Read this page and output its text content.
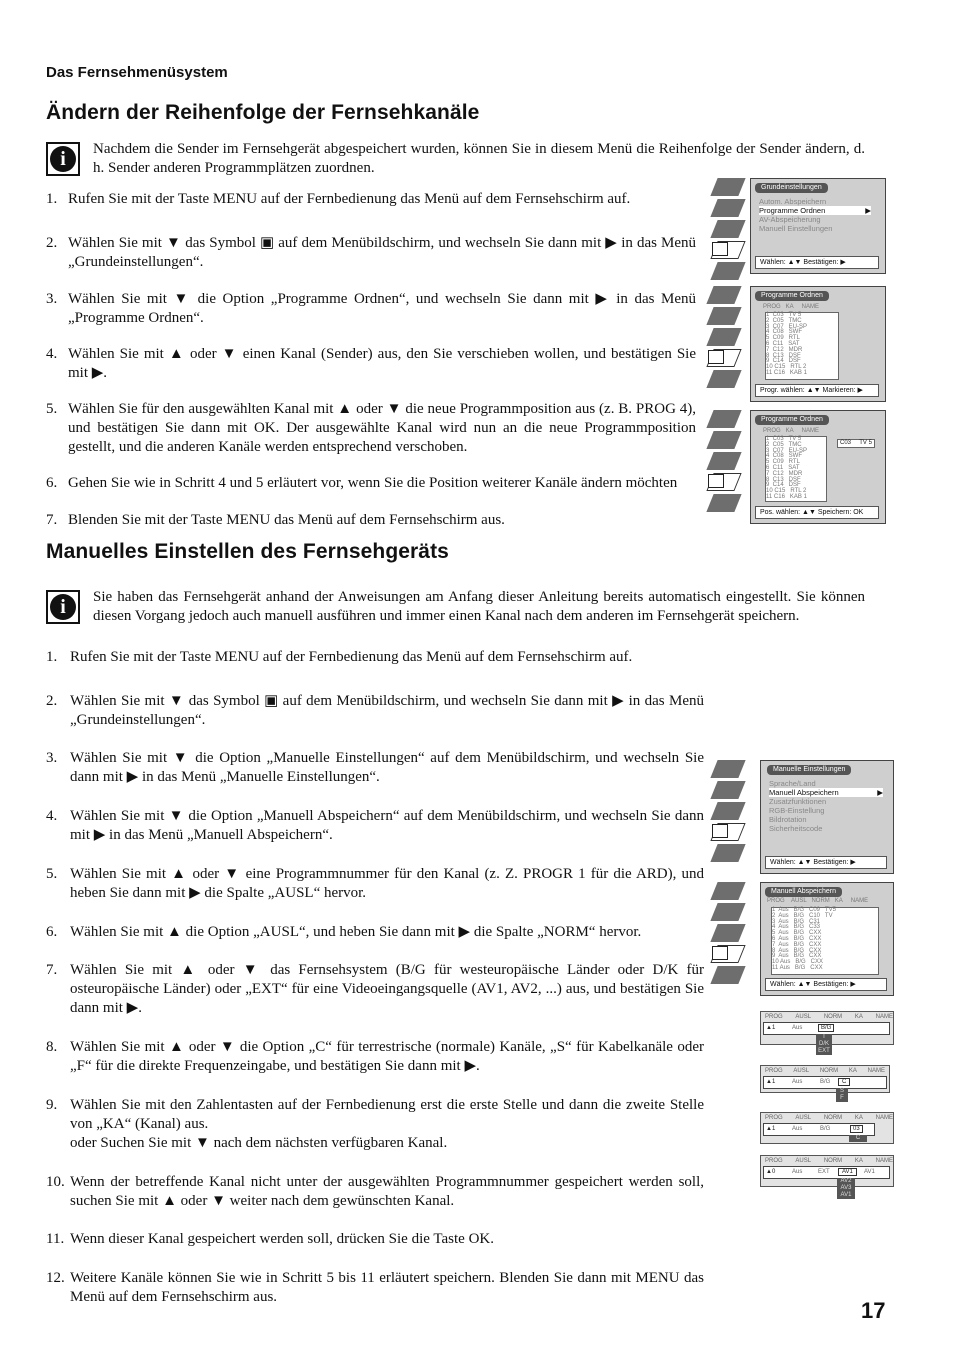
Das Fernsehmenüsystem
Ändern der Reihenfolge der Fernsehkanäle
i	Nachdem die Sender im Fernsehgerät abgespeichert wurden, können Sie in diesem Menü die Reihenfolge der Sender ändern, d. h. Sender anderen Programmplätzen zuordnen.
1. Rufen Sie mit der Taste MENU auf der Fernbedienung das Menü auf dem Fernsehschirm auf.
2. Wählen Sie mit ▼ das Symbol ▣ auf dem Menübildschirm, und wechseln Sie dann mit ▶ in das Menü „Grundeinstellungen“.
3. Wählen Sie mit ▼ die Option „Programme Ordnen“, und wechseln Sie dann mit ▶ in das Menü „Programme Ordnen“.
4. Wählen Sie mit ▲ oder ▼ einen Kanal (Sender) aus, den Sie verschieben wollen, und bestätigen Sie mit ▶.
5. Wählen Sie für den ausgewählten Kanal mit ▲ oder ▼ die neue Programmposition aus (z. B. PROG 4), und bestätigen Sie dann mit OK. Der ausgewählte Kanal wird nun an die neue Programmposition gestellt, und die anderen Kanäle werden entsprechend verschoben.
6. Gehen Sie wie in Schritt 4 und 5 erläutert vor, wenn Sie die Position weiterer Kanäle ändern möchten
7. Blenden Sie mit der Taste MENU das Menü auf dem Fernsehschirm aus.
Manuelles Einstellen des Fernsehgeräts
i	Sie haben das Fernsehgerät anhand der Anweisungen am Anfang dieser Anleitung bereits automatisch eingestellt. Sie können diesen Vorgang jedoch auch manuell ausführen und immer einen Kanal nach dem anderen im Fernsehgerät speichern.
1. Rufen Sie mit der Taste MENU auf der Fernbedienung das Menü auf dem Fernsehschirm auf.
2. Wählen Sie mit ▼ das Symbol ▣ auf dem Menübildschirm, und wechseln Sie dann mit ▶ in das Menü „Grundeinstellungen“.
3. Wählen Sie mit ▼ die Option „Manuelle Einstellungen“ auf dem Menübildschirm, und wechseln Sie dann mit ▶ in das Menü „Manuelle Einstellungen“.
4. Wählen Sie mit ▼ die Option „Manuell Abspeichern“ auf dem Menübildschirm, und wechseln Sie dann mit ▶ in das Menü „Manuell Abspeichern“.
5. Wählen Sie mit ▲ oder ▼ eine Programmnummer für den Kanal (z. Z. PROGR 1 für die ARD), und heben Sie dann mit ▶ die Spalte „AUSL“ hervor.
6. Wählen Sie mit ▲ die Option „AUSL“, und heben Sie dann mit ▶ die Spalte „NORM“ hervor.
7. Wählen Sie mit ▲ oder ▼ das Fernsehsystem (B/G für westeuropäische Länder oder D/K für osteuropäische Länder) oder „EXT“ für eine Videoeingangsquelle (AV1, AV2, ...) aus, und bestätigen Sie dann mit ▶.
8. Wählen Sie mit ▲ oder ▼ die Option „C“ für terrestrische (normale) Kanäle, „S“ für Kabelkanäle oder „F“ für die direkte Frequenzeingabe, und bestätigen Sie dann mit ▶.
9. Wählen Sie mit den Zahlentasten auf der Fernbedienung erst die erste Stelle und dann die zweite Stelle von „KA“ (Kanal) aus.
oder Suchen Sie mit ▼ nach dem nächsten verfügbaren Kanal.
10. Wenn der betreffende Kanal nicht unter der ausgewählten Programmnummer gespeichert werden soll, suchen Sie mit ▲ oder ▼ weiter nach dem gewünschten Kanal.
11. Wenn dieser Kanal gespeichert werden soll, drücken Sie die Taste OK.
12. Weitere Kanäle können Sie wie in Schritt 5 bis 11 erläutert speichern. Blenden Sie dann mit MENU das Menü auf dem Fernsehschirm aus.
Grundeinstellungen
Autom. Abspeichern
Programme Ordnen	▶
AV-Abspeicherung
Manuell Einstellungen
Wählen: ▲▼ Bestätigen: ▶
Programme Ordnen
PROG   KA     NAME
1  C03   TV 5
2  C05   TMC
3  C07   EU-SP
4  C08   SWF
5  C09   RTL
6  C11   SAT
7  C12   MDR
8  C13   DSF
9  C14   DSF
10 C15   RTL 2
11 C16   KAB 1
Progr. wählen: ▲▼ Markieren: ▶
Programme Ordnen
PROG   KA     NAME
1  C03   TV 5
2  C05   TMC
3  C07   EU-SP
4  C08   SWF
5  C09   RTL
6  C11   SAT
7  C12   MDR
8  C13   DSF
9  C14   DSF
10 C15   RTL 2
11 C16   KAB 1
C03     TV 5
Pos. wählen: ▲▼ Speichern: OK
Manuelle Einstellungen
Sprache/Land
Manuell Abspeichern	▶
Zusatzfunktionen
RGB-Einstellung
Bildrotation
Sicherheitscode
Wählen: ▲▼ Bestätigen: ▶
Manuell Abspeichern
PROG    AUSL   NORM   KA     NAME
1  Aus   B/G   C09   TV5
2  Aus   B/G   C10   TV
3  Aus   B/G   C31
4  Aus   B/G   C33
5  Aus   B/G   CXX
6  Aus   B/G   CXX
7  Aus   B/G   CXX
8  Aus   B/G   CXX
9  Aus   B/G   CXX
10 Aus   B/G   CXX
11 Aus   B/G   CXX
Wählen: ▲▼ Bestätigen: ▶
PROG AUSL NORM KA NAME
▲1	Aus	B/G
I
D/K
EXT
PROG AUSL NORM KA NAME
▲1	Aus	B/G	C
S
F
PROG AUSL NORM KA NAME
▲1	Aus	B/G	03
C
PROG AUSL NORM KA NAME
▲0	Aus	EXT	AV1	AV1
AV2
AV3
AV1
17
